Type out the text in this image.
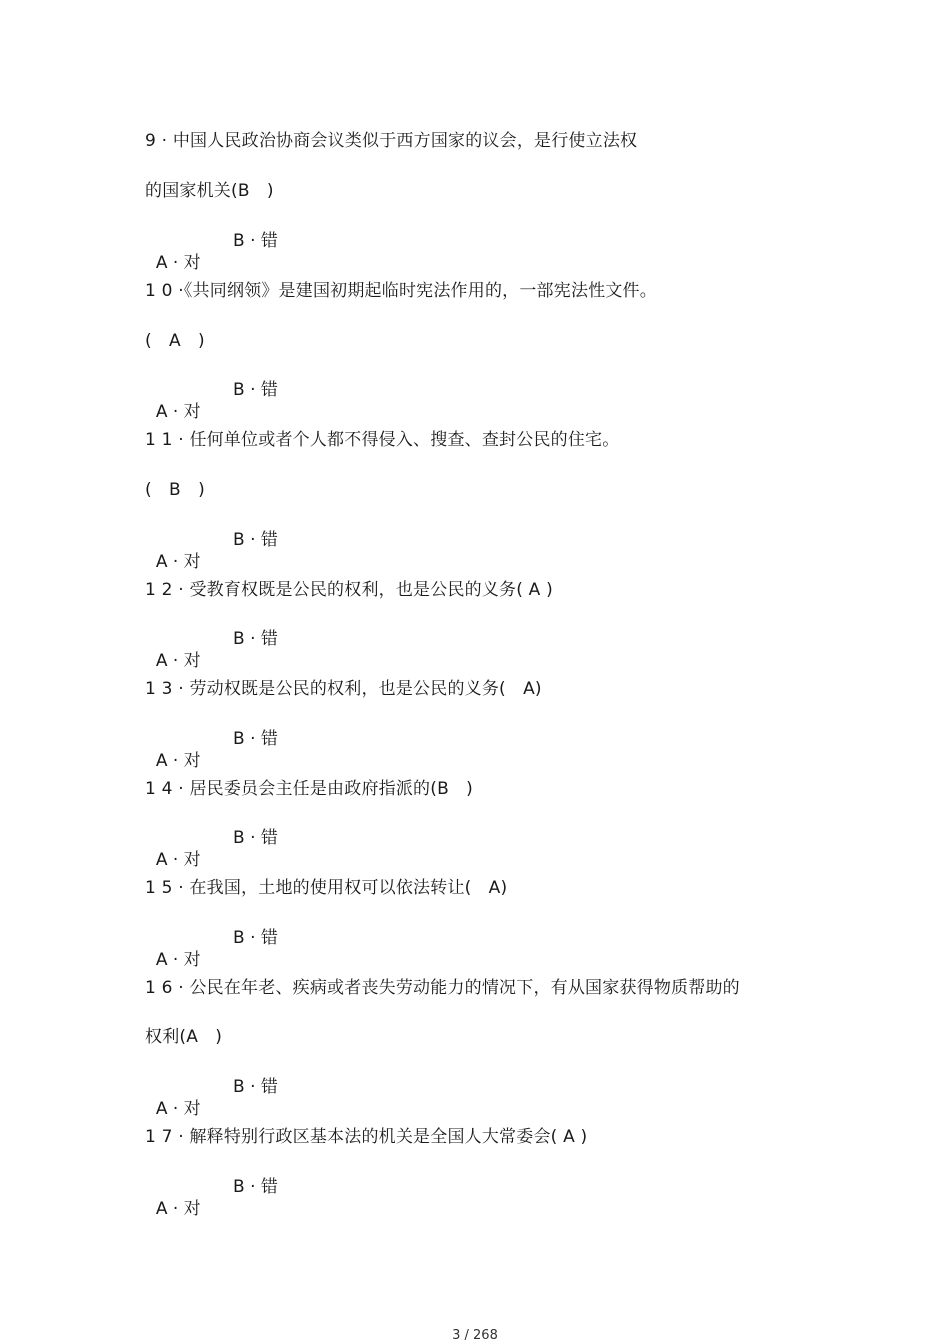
9 · 中国人民政治协商会议类似于西方国家的议会，是行使立法权
的国家机关(B　)

A · 对

B · 错

1 0 ·《共同纲领》是建国初期起临时宪法作用的，一部宪法性文件。
(　A　)

A · 对

B · 错

1 1 · 任何单位或者个人都不得侵入、搜查、查封公民的住宅。
(　B　)

A · 对

B · 错

1 2 · 受教育权既是公民的权利，也是公民的义务( A )

A · 对

B · 错

1 3 · 劳动权既是公民的权利，也是公民的义务(　A)

A · 对

B · 错

1 4 · 居民委员会主任是由政府指派的(B　)

A · 对

B · 错

1 5 · 在我国，土地的使用权可以依法转让(　A)

A · 对

B · 错

1 6 · 公民在年老、疾病或者丧失劳动能力的情况下，有从国家获得物质帮助的
权利(A　)

A · 对

B · 错

1 7 · 解释特别行政区基本法的机关是全国人大常委会( A )

A · 对

B · 错

3 / 268
